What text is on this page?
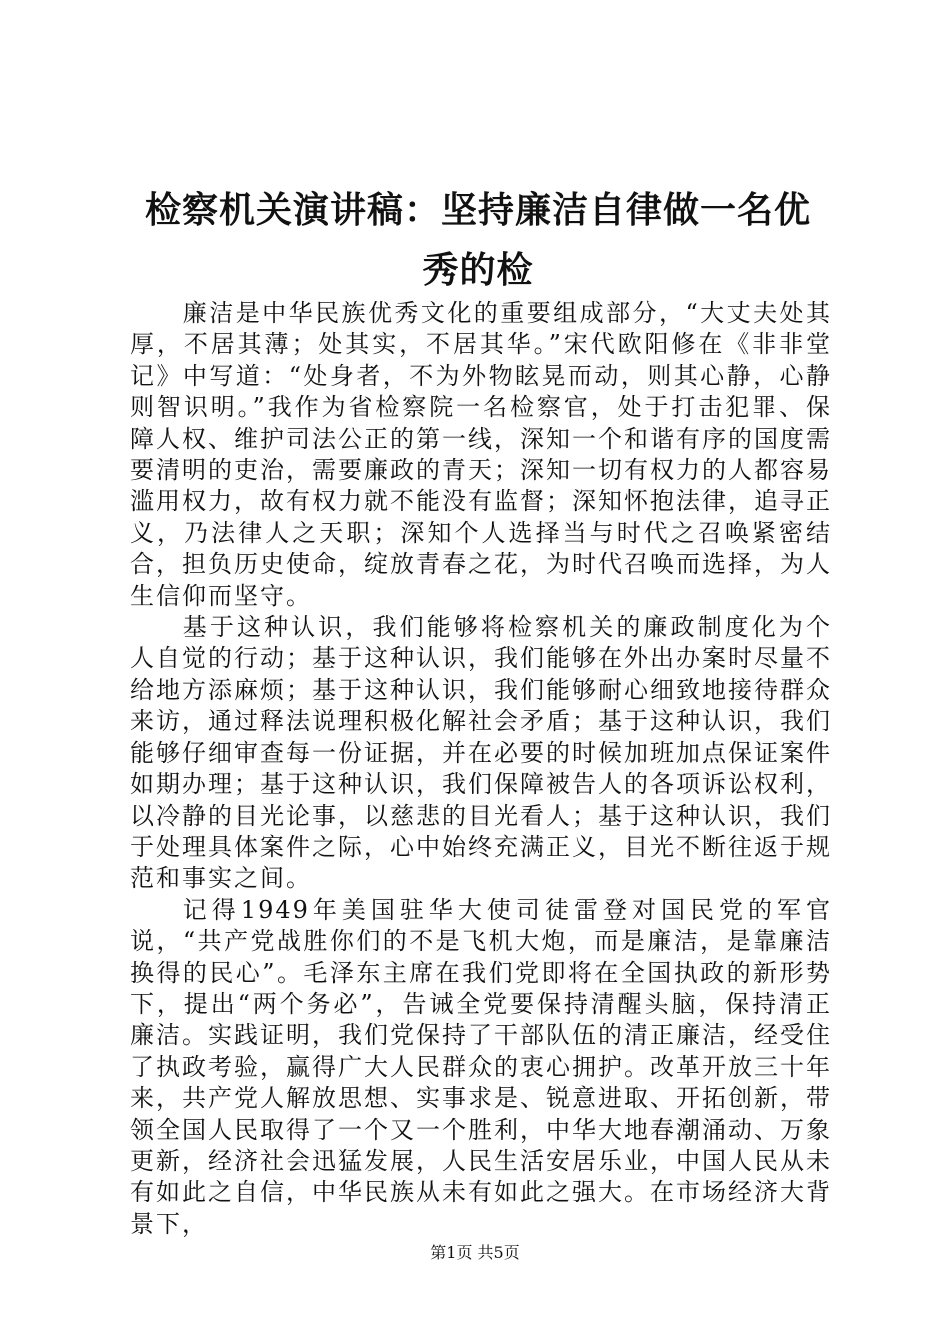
检察机关演讲稿：坚持廉洁自律做一名优秀的检

廉洁是中华民族优秀文化的重要组成部分，“大丈夫处其厚，不居其薄；处其实，不居其华。”宋代欧阳修在《非非堂记》中写道：“处身者，不为外物眩晃而动，则其心静，心静则智识明。”我作为省检察院一名检察官，处于打击犯罪、保障人权、维护司法公正的第一线，深知一个和谐有序的国度需要清明的吏治，需要廉政的青天；深知一切有权力的人都容易滥用权力，故有权力就不能没有监督；深知怀抱法律，追寻正义，乃法律人之天职；深知个人选择当与时代之召唤紧密结合，担负历史使命，绽放青春之花，为时代召唤而选择，为人生信仰而坚守。

基于这种认识，我们能够将检察机关的廉政制度化为个人自觉的行动；基于这种认识，我们能够在外出办案时尽量不给地方添麻烦；基于这种认识，我们能够耐心细致地接待群众来访，通过释法说理积极化解社会矛盾；基于这种认识，我们能够仔细审查每一份证据，并在必要的时候加班加点保证案件如期办理；基于这种认识，我们保障被告人的各项诉讼权利，以冷静的目光论事，以慈悲的目光看人；基于这种认识，我们于处理具体案件之际，心中始终充满正义，目光不断往返于规范和事实之间。

记得1949年美国驻华大使司徒雷登对国民党的军官说，“共产党战胜你们的不是飞机大炮，而是廉洁，是靠廉洁换得的民心”。毛泽东主席在我们党即将在全国执政的新形势下，提出“两个务必”，告诫全党要保持清醒头脑，保持清正廉洁。实践证明，我们党保持了干部队伍的清正廉洁，经受住了执政考验，赢得广大人民群众的衷心拥护。改革开放三十年来，共产党人解放思想、实事求是、锐意进取、开拓创新，带领全国人民取得了一个又一个胜利，中华大地春潮涌动、万象更新，经济社会迅猛发展，人民生活安居乐业，中国人民从未有如此之自信，中华民族从未有如此之强大。在市场经济大背景下，

第1页 共5页
